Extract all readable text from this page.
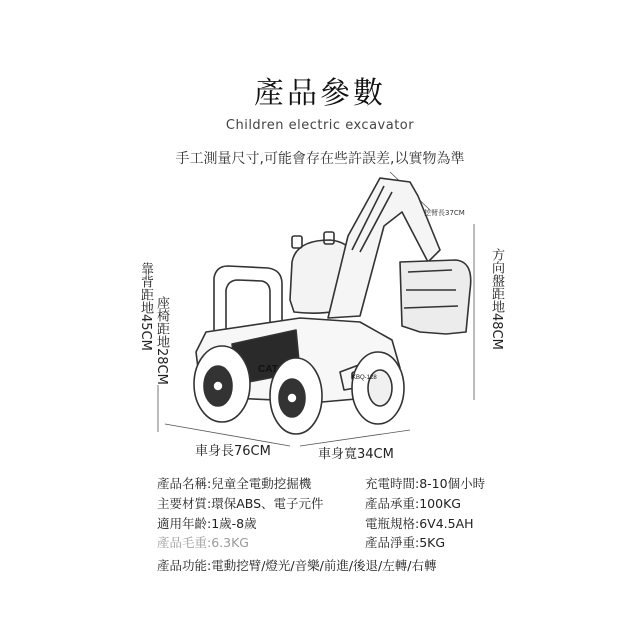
產品參數
Children electric excavator
手工測量尺寸,可能會存在些許誤差,以實物為準
CAT
KBQ-128
靠背距地45CM 座椅距地28CM	方向盤距地48CM
挖臂長37CM
車身長76CM	車身寬34CM
產品名稱:兒童全電動挖掘機	充電時間:8-10個小時
主要材質:環保ABS、電子元件	產品承重:100KG
適用年齡:1歲-8歲	電瓶規格:6V4.5AH
產品毛重:6.3KG	產品淨重:5KG
產品功能:電動挖臂/燈光/音樂/前進/後退/左轉/右轉
